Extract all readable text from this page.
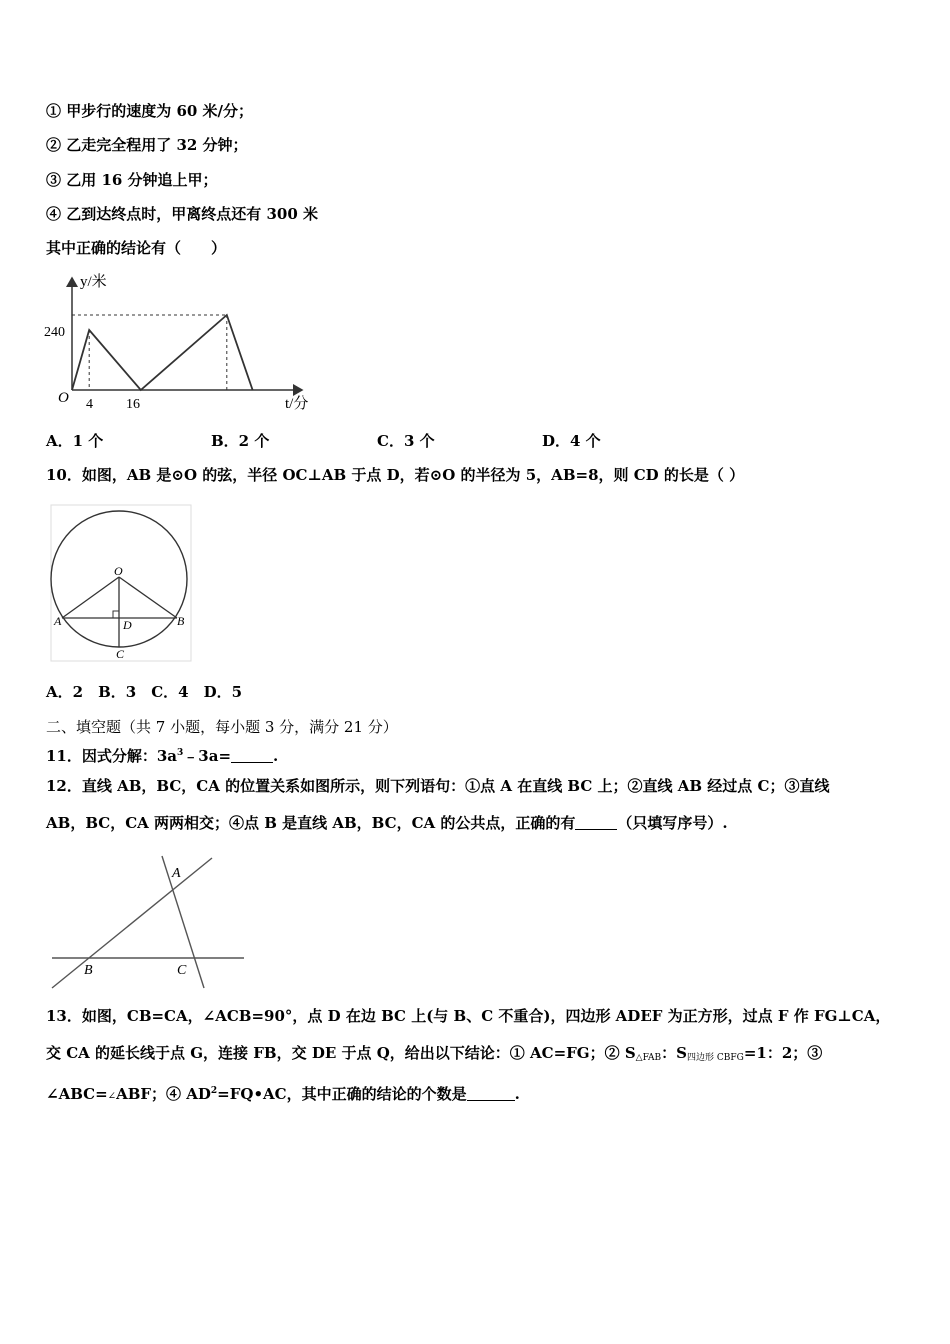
① 甲步行的速度为 60 米/分；
② 乙走完全程用了 32 分钟；
③ 乙用 16 分钟追上甲；
④ 乙到达终点时，甲离终点还有 300 米
其中正确的结论有（　　）
y/米
t/分
O
240
4 16
A．1 个	B．2 个	C．3 个	D．4 个
10．如图，AB 是⊙O 的弦，半径 OC⊥AB 于点 D，若⊙O 的半径为 5，AB=8，则 CD 的长是（ ）
O
A	B
D
C
A．2　B．3　C．4　D．5
二、填空题（共 7 小题，每小题 3 分，满分 21 分）
11．因式分解：$3a^3﹣3a=$	.
12．直线 AB，BC，CA 的位置关系如图所示，则下列语句：①点 A 在直线 BC 上；②直线 AB 经过点 C；③直线
AB，BC，CA 两两相交；④点 B 是直线 AB，BC，CA 的公共点，正确的有	（只填写序号）.
A
B	C
13．如图，CB=CA，∠ACB=90°，点 D 在边 BC 上(与 B、C 不重合)，四边形 ADEF 为正方形，过点 F 作 FG⊥CA，
交 CA 的延长线于点 G，连接 FB，交 DE 于点 Q，给出以下结论：① AC=FG；② $S_{\triangle FAB}$：$S_{四边形 CBFG}=1$：2；③
∠ABC=∠ABF；④ $AD^2=FQ•AC$，其中正确的结论的个数是	.
